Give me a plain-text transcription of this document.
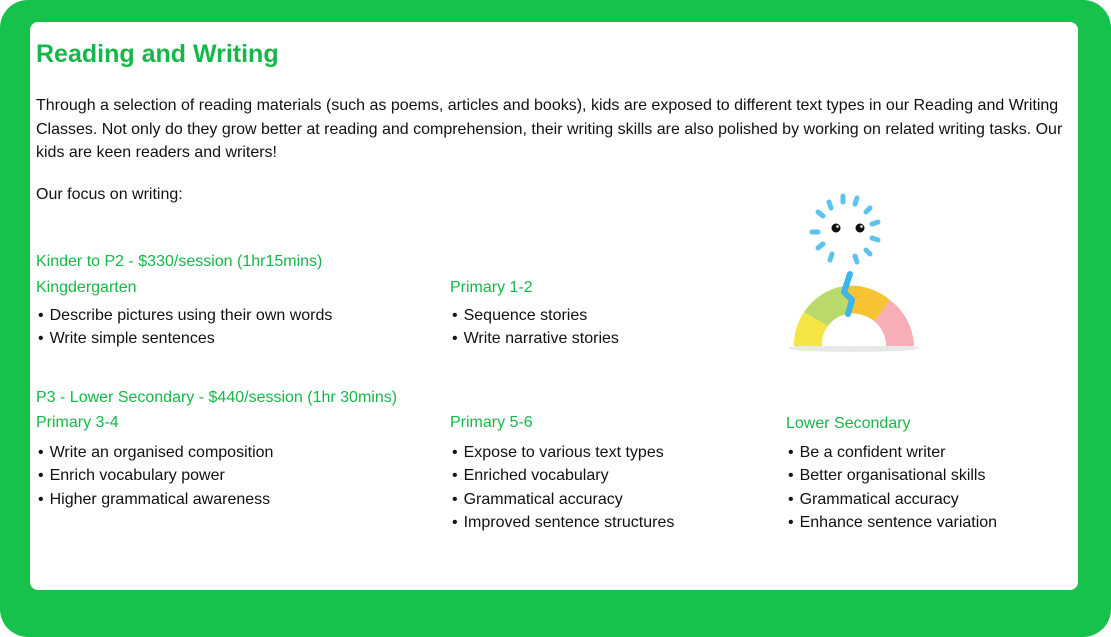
Reading and Writing

Through a selection of reading materials (such as poems, articles and books), kids are exposed to different text types in our Reading and Writing Classes. Not only do they grow better at reading and comprehension, their writing skills are also polished by working on related writing tasks. Our kids are keen readers and writers!

Our focus on writing:

Kinder to P2 - $330/session (1hr15mins)

Kingdergarten

• Describe pictures using their own words
• Write simple sentences

Primary 1-2

• Sequence stories
• Write narrative stories

P3 - Lower Secondary - $440/session (1hr 30mins)

Primary 3-4

• Write an organised composition
• Enrich vocabulary power
• Higher grammatical awareness

Primary 5-6

• Expose to various text types
• Enriched vocabulary
• Grammatical accuracy
• Improved sentence structures

Lower Secondary

• Be a confident writer
• Better organisational skills
• Grammatical accuracy
• Enhance sentence variation
